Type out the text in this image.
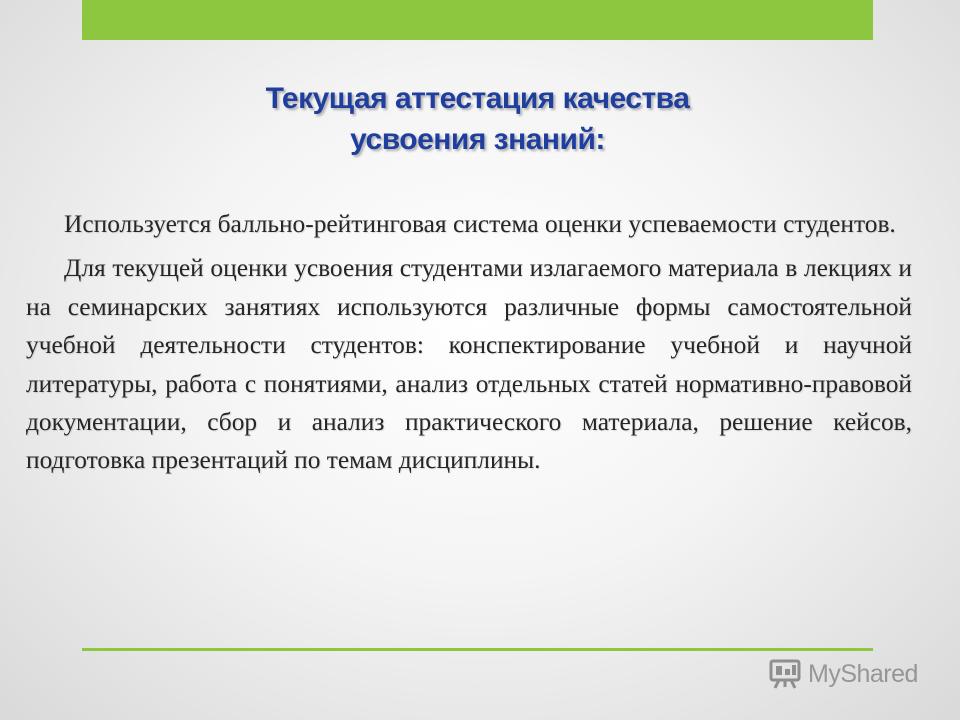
Текущая аттестация качества
усвоения знаний:

Используется балльно-рейтинговая система оценки успеваемости студентов.

Для текущей оценки усвоения студентами излагаемого материала в лекциях и на семинарских занятиях используются различные формы самостоятельной учебной деятельности студентов: конспектирование учебной и научной литературы, работа с понятиями, анализ отдельных статей нормативно-правовой документации, сбор и анализ практического материала, решение кейсов, подготовка презентаций по темам дисциплины.

MyShared
